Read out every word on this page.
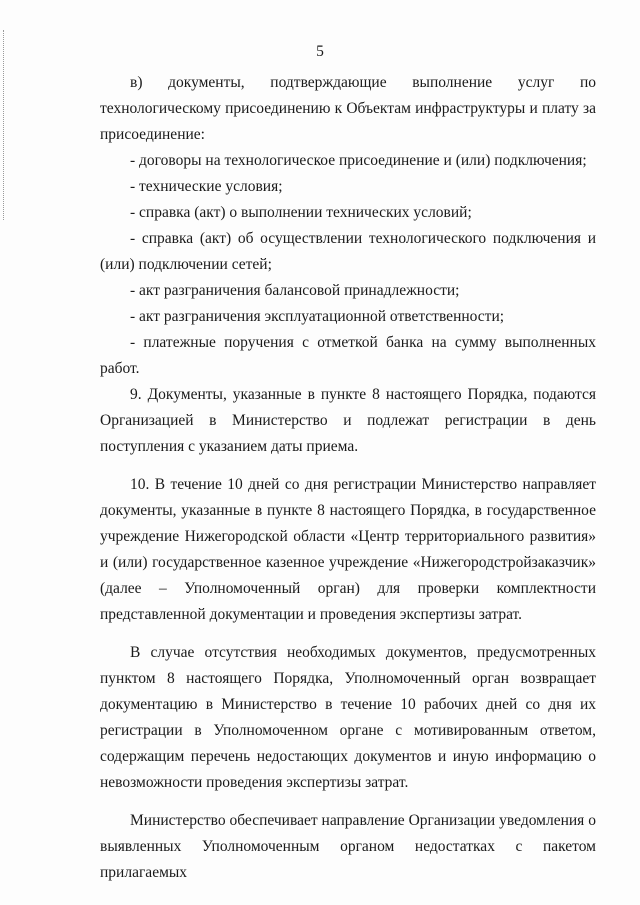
5

в) документы, подтверждающие выполнение услуг по технологическому присоединению к Объектам инфраструктуры и плату за присоединение:

- договоры на технологическое присоединение и (или) подключения;

- технические условия;

- справка (акт) о выполнении технических условий;

- справка (акт) об осуществлении технологического подключения и (или) подключении сетей;

- акт разграничения балансовой принадлежности;

- акт разграничения эксплуатационной ответственности;

- платежные поручения с отметкой банка на сумму выполненных работ.

9. Документы, указанные в пункте 8 настоящего Порядка, подаются Организацией в Министерство и подлежат регистрации в день поступления с указанием даты приема.

10. В течение 10 дней со дня регистрации Министерство направляет документы, указанные в пункте 8 настоящего Порядка, в государственное учреждение Нижегородской области «Центр территориального развития» и (или) государственное казенное учреждение «Нижегородстройзаказчик» (далее – Уполномоченный орган) для проверки комплектности представленной документации и проведения экспертизы затрат.

В случае отсутствия необходимых документов, предусмотренных пунктом 8 настоящего Порядка, Уполномоченный орган возвращает документацию в Министерство в течение 10 рабочих дней со дня их регистрации в Уполномоченном органе с мотивированным ответом, содержащим перечень недостающих документов и иную информацию о невозможности проведения экспертизы затрат.

Министерство обеспечивает направление Организации уведомления о выявленных Уполномоченным органом недостатках с пакетом прилагаемых
